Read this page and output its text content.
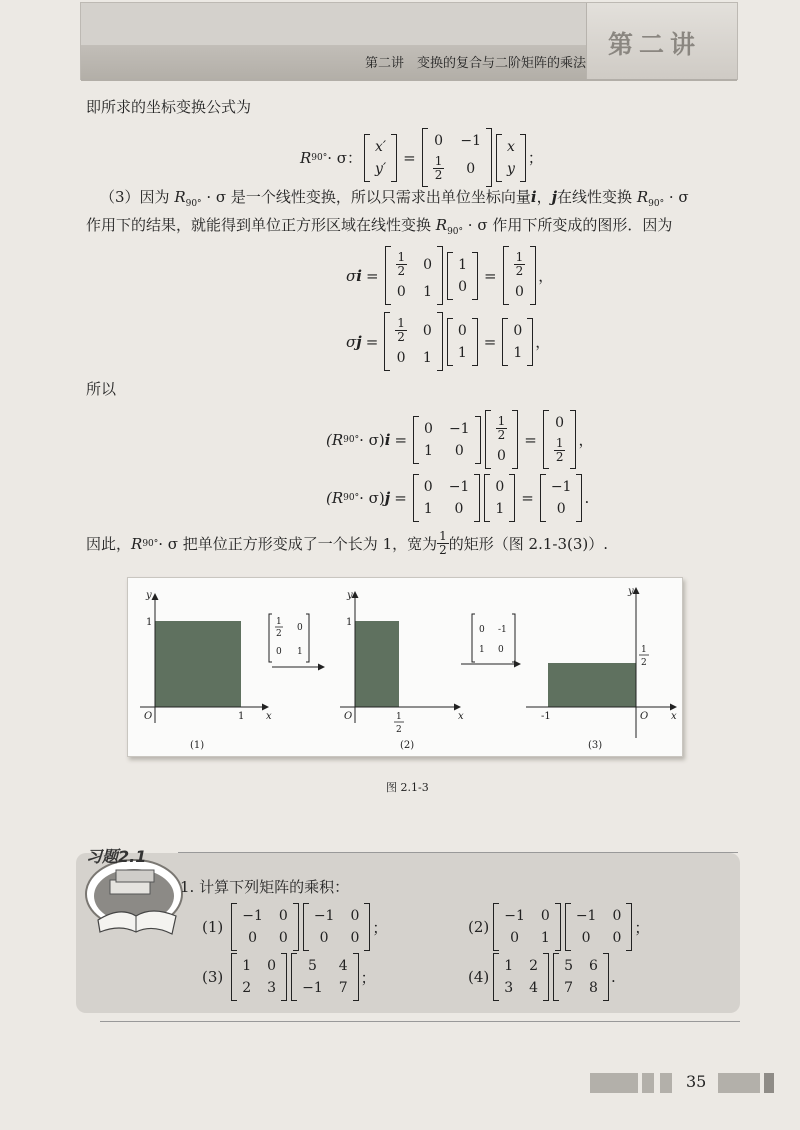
第二讲　变换的复合与二阶矩阵的乘法
第二讲
即所求的坐标变换公式为
R 90° · σ：
x′
y′
=
0 −1
$\frac{1}{2} 0$
x
y
；
（3）因为 $R_{90^\circ} \cdot \sigma$ 是一个线性变换，所以只需求出单位坐标向量i，j在线性变换 $R_{90^\circ} \cdot \sigma$
作用下的结果，就能得到单位正方形区域在线性变换 $R_{90^\circ} \cdot \sigma$ 作用下所变成的图形．因为
σ $i = \frac{1}{2} 0$
0 1
1
0
= $\frac{1}{2}$
0
，
σ $j = \frac{1}{2} 0$
0 1
0
1
=
0
1
，
所以
(R 90° · σ) i =
0 −1
1 0
$\frac{1}{2}$
0
=
0
$\frac{1}{2}$ ，
(R 90° · σ) j =
0 −1
1 0
0
1
=
−1
0
.
因此， R 90° · σ 把单位正方形变成了一个长为 1，宽为 $\frac{1}{2}$ 的矩形（图 2.1-3(3)）.
y
x
O
1
1
(1)
1
2
0
0 1
y
x
O
1
1
2
(2)
0 -1
1 0
y
x
O
1
2
-1
(3)
图 2.1-3
习题2.1
1. 计算下列矩阵的乘积：
(1)
−1 0
0 0
−1 0
0 0
；	(2)
−1 0
0 1
−1 0
0 0
；
(3)
1 0
2 3
5 4
−1 7
；	(4)
1 2
3 4
5 6
7 8
.
35
